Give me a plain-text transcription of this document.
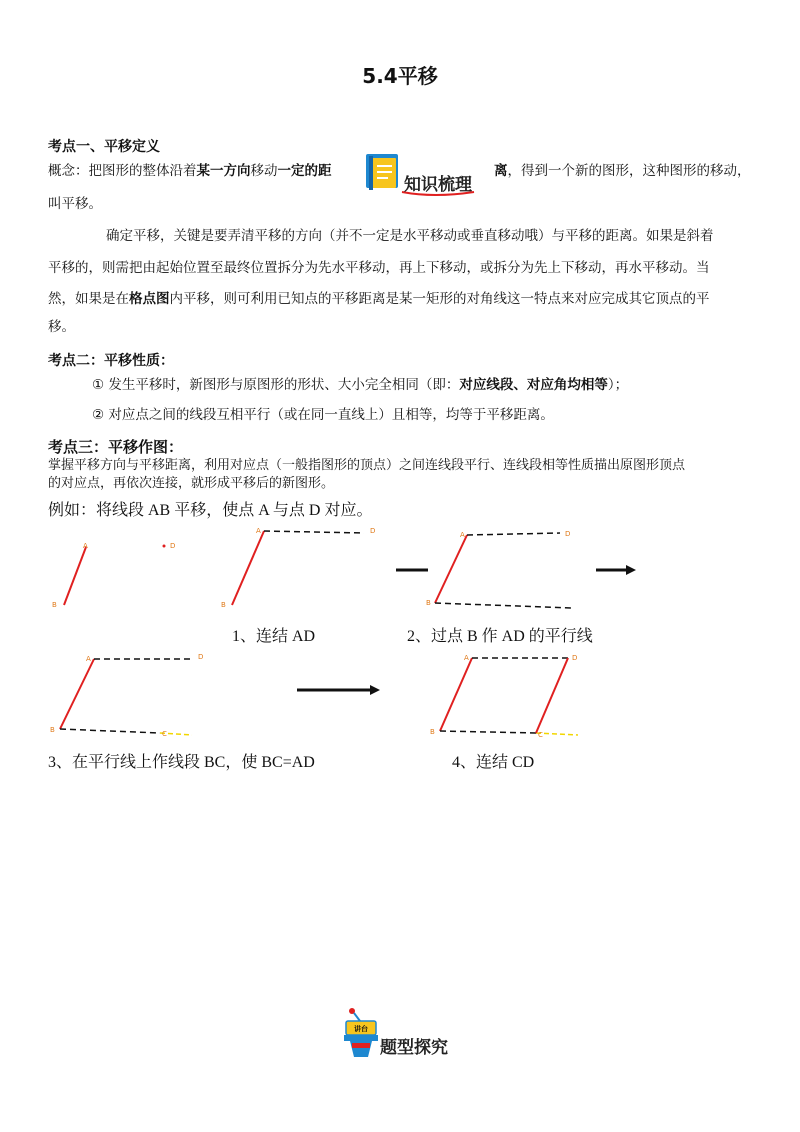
5.4平移
考点一、平移定义
概念：把图形的整体沿着某一方向移动一定的距
知识梳理
离，得到一个新的图形，这种图形的移动，
叫平移。
确定平移，关键是要弄清平移的方向（并不一定是水平移动或垂直移动哦）与平移的距离。如果是斜着
平移的，则需把由起始位置至最终位置拆分为先水平移动，再上下移动，或拆分为先上下移动，再水平移动。当
然，如果是在格点图内平移，则可利用已知点的平移距离是某一矩形的对角线这一特点来对应完成其它顶点的平
移。
考点二：平移性质：
① 发生平移时，新图形与原图形的形状、大小完全相同（即：对应线段、对应角均相等）；
② 对应点之间的线段互相平行（或在同一直线上）且相等，均等于平移距离。
考点三：平移作图：
掌握平移方向与平移距离，利用对应点（一般指图形的顶点）之间连线段平行、连线段相等性质描出原图形顶点
的对应点，再依次连接，就形成平移后的新图形。
例如：将线段 AB 平移，使点 A 与点 D 对应。
A
B
D
A
B
D	A
B
D
A
B	C
D	A
B	C
D
1、连结 AD	2、过点 B 作 AD 的平行线
3、在平行线上作线段 BC，使 BC=AD	4、连结 CD
讲台
题型探究
